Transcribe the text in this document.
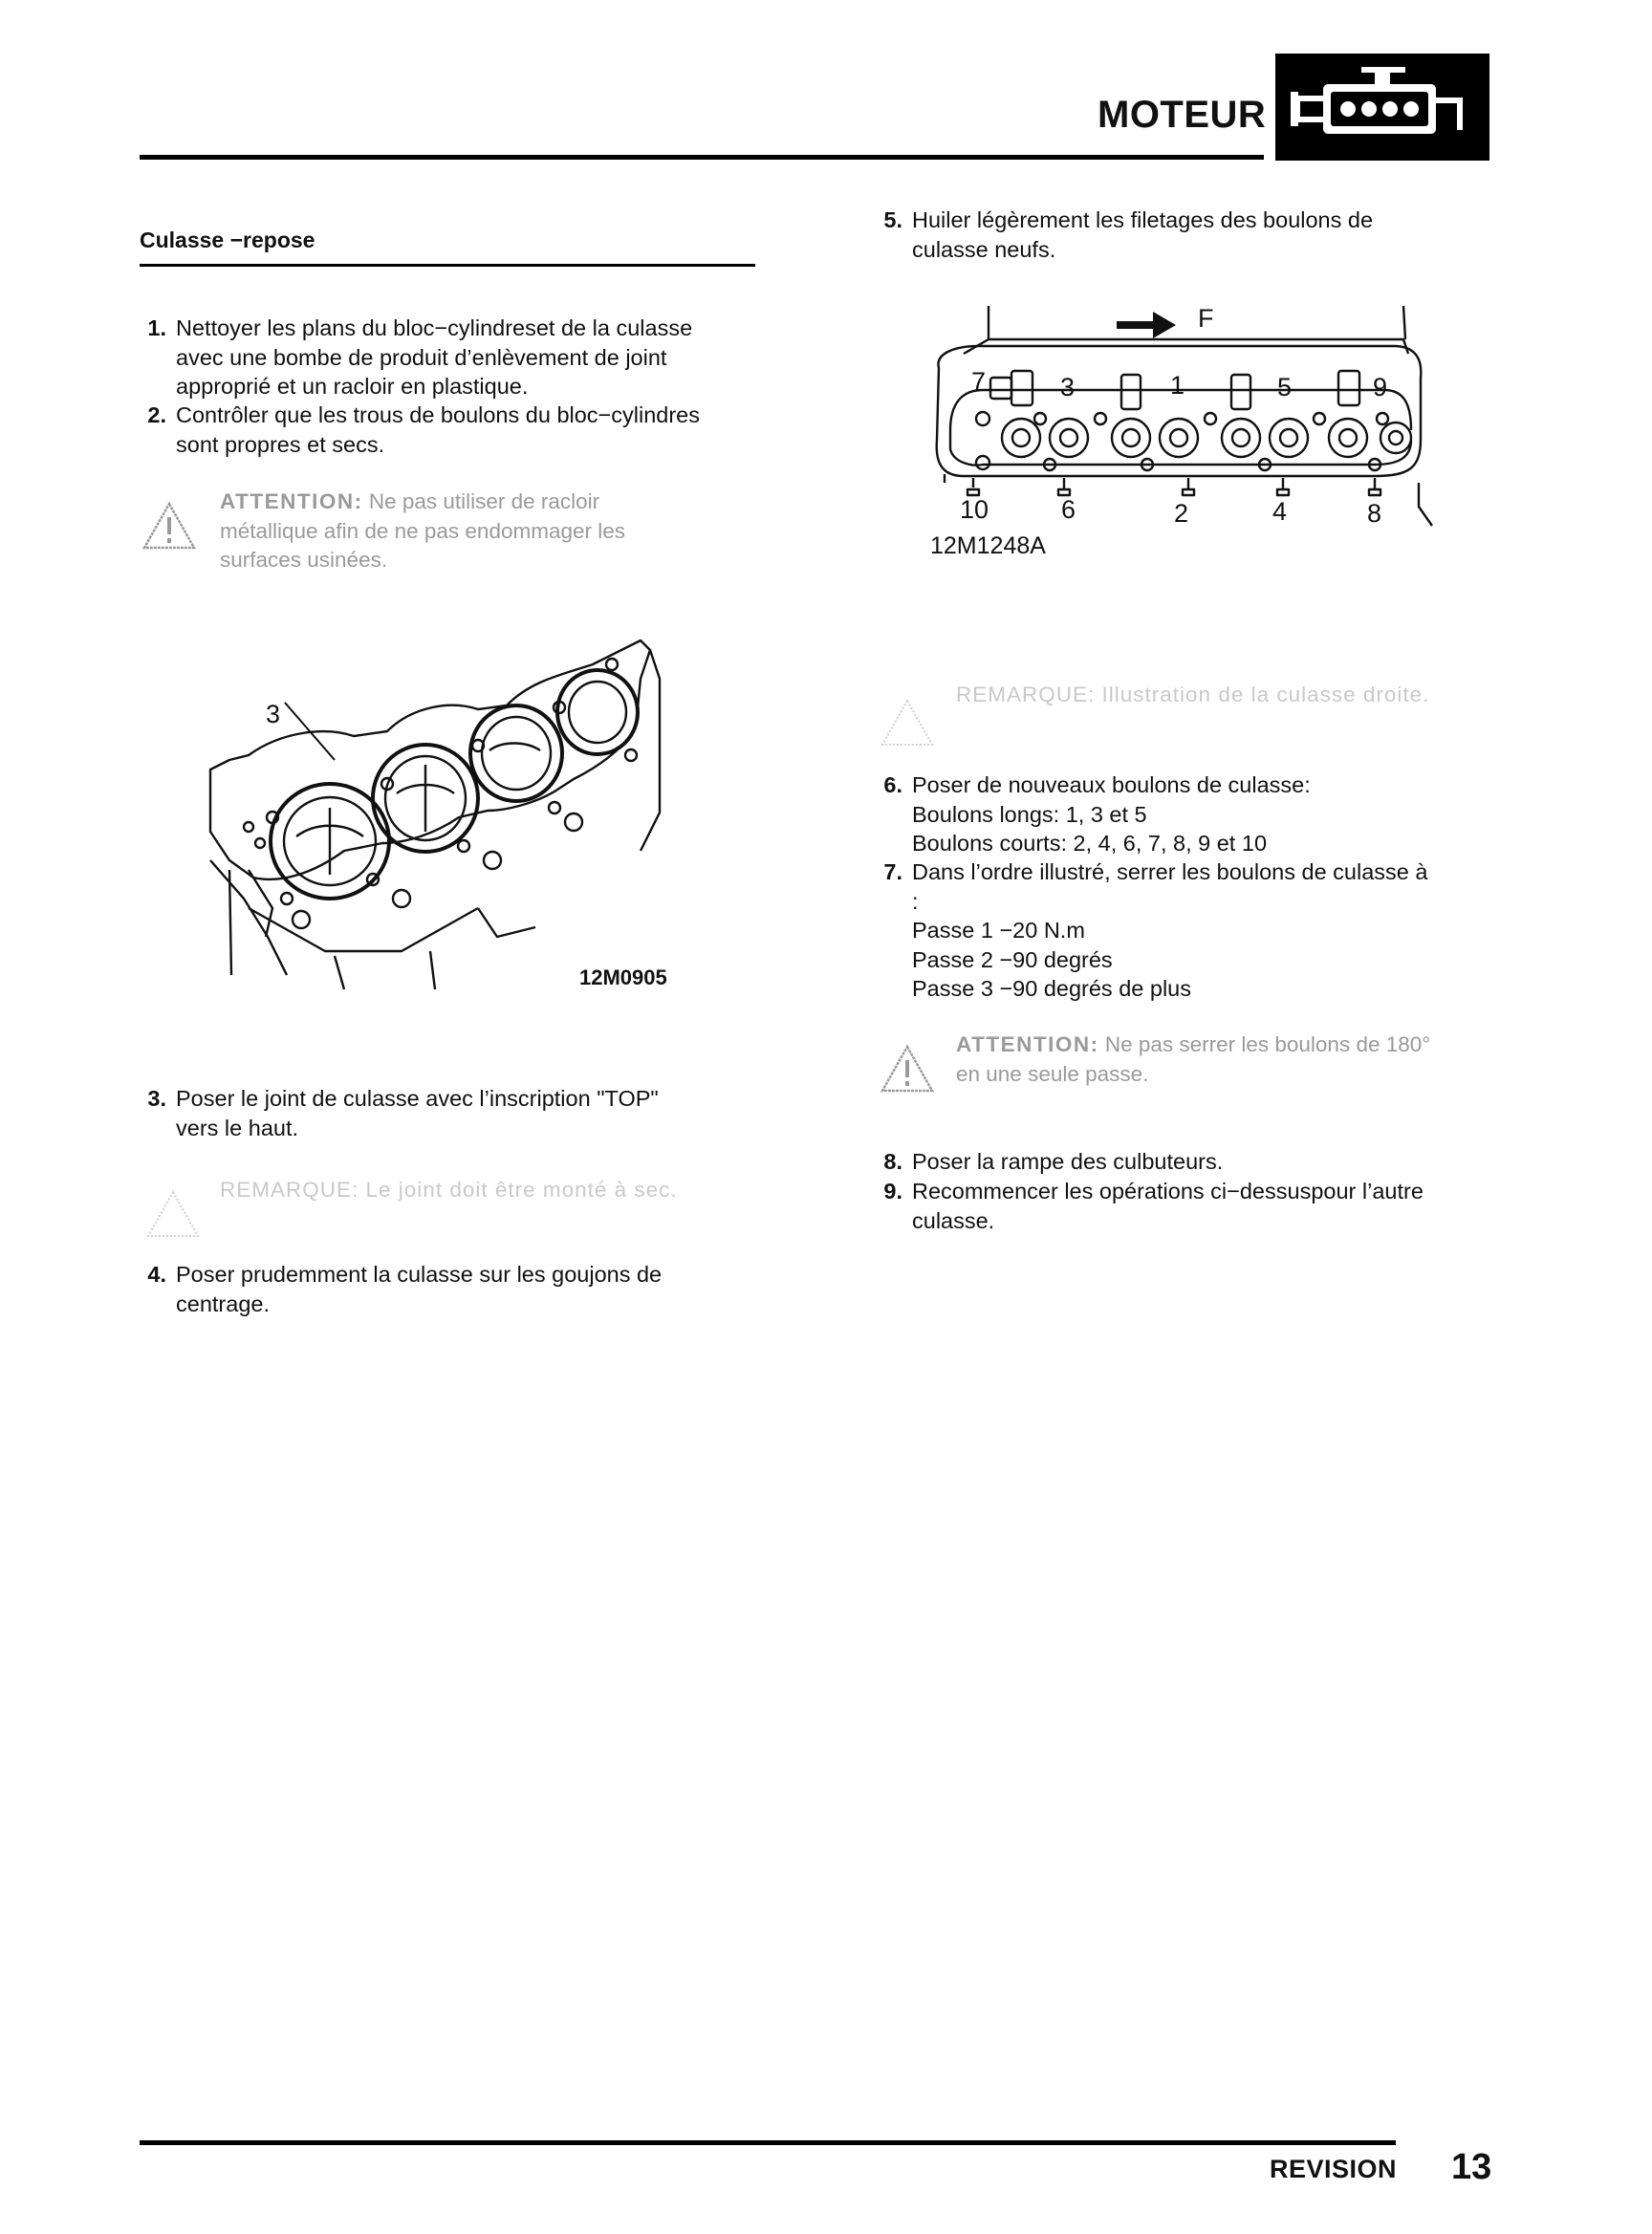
MOTEUR
Culasse −repose
1. Nettoyer les plans du bloc−cylindreset de la culasse
avec une bombe de produit d’enlèvement de joint
approprié et un racloir en plastique.
2. Contrôler que les trous de boulons du bloc−cylindres
sont propres et secs.
ATTENTION: Ne pas utiliser de racloir
métallique afin de ne pas endommager les
surfaces usinées.
3
12M0905
3. Poser le joint de culasse avec l’inscription "TOP"
vers le haut.
REMARQUE: Le joint doit être monté à sec.
4. Poser prudemment la culasse sur les goujons de
centrage.
5. Huiler légèrement les filetages des boulons de
culasse neufs.
F
7	3	1	5	9
10	6	2	4	8
12M1248A
REMARQUE: Illustration de la culasse droite.
6. Poser de nouveaux boulons de culasse:
Boulons longs: 1, 3 et 5
Boulons courts: 2, 4, 6, 7, 8, 9 et 10
7. Dans l’ordre illustré, serrer les boulons de culasse à
:
Passe 1 −20 N.m
Passe 2 −90 degrés
Passe 3 −90 degrés de plus
ATTENTION: Ne pas serrer les boulons de 180°
en une seule passe.
8. Poser la rampe des culbuteurs.
9. Recommencer les opérations ci−dessuspour l’autre
culasse.
REVISION 13
